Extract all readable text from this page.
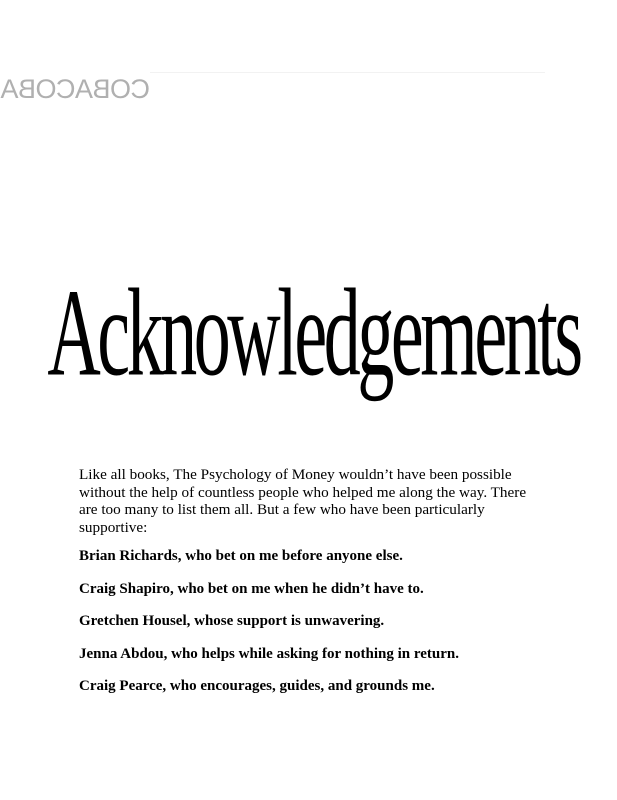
COBACOBA
Acknowledgements

Like all books, The Psychology of Money wouldn’t have been possible without the help of countless people who helped me along the way. There are too many to list them all. But a few who have been particularly supportive:

Brian Richards, who bet on me before anyone else.
Craig Shapiro, who bet on me when he didn’t have to.
Gretchen Housel, whose support is unwavering.
Jenna Abdou, who helps while asking for nothing in return.
Craig Pearce, who encourages, guides, and grounds me.
